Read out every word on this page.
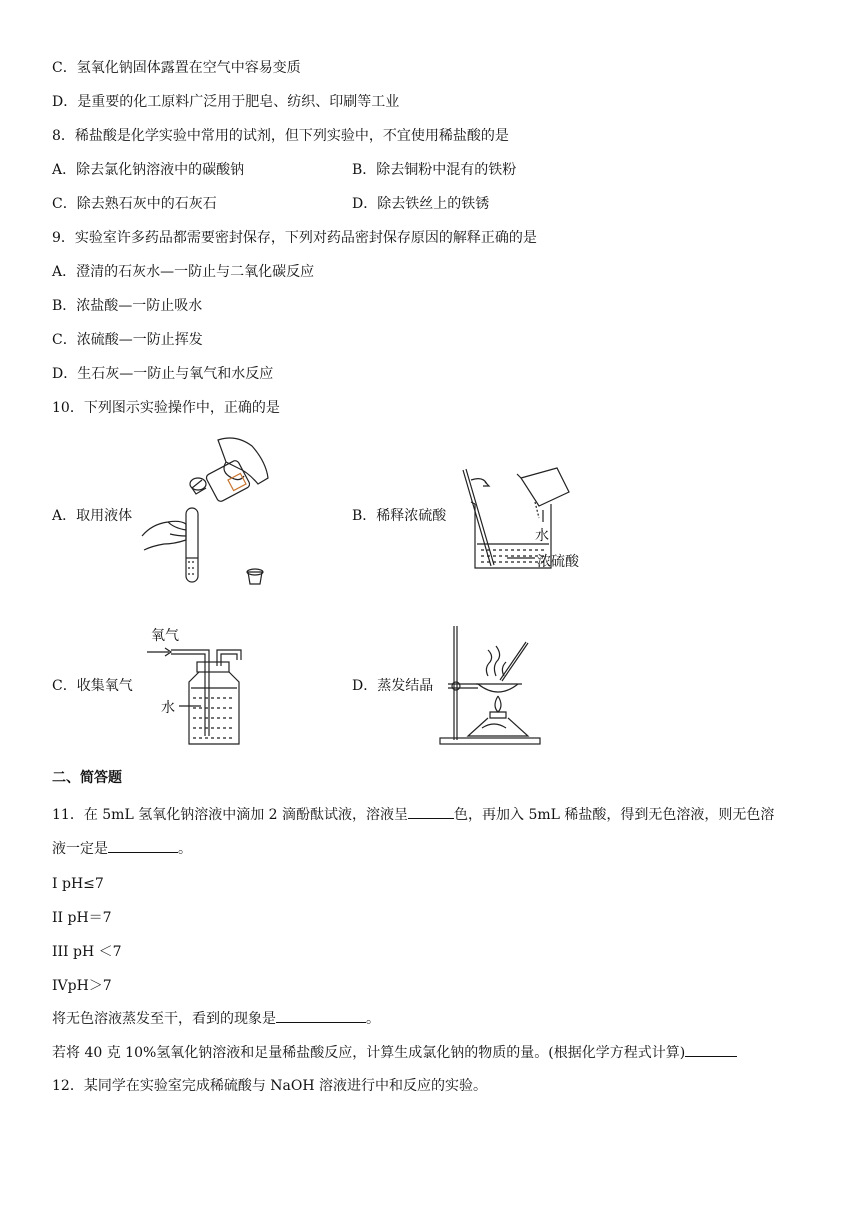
C．氢氧化钠固体露置在空气中容易变质
D．是重要的化工原料广泛用于肥皂、纺织、印刷等工业
8．稀盐酸是化学实验中常用的试剂，但下列实验中，不宜使用稀盐酸的是
A．除去氯化钠溶液中的碳酸钠	B．除去铜粉中混有的铁粉
C．除去熟石灰中的石灰石	D．除去铁丝上的铁锈
9．实验室许多药品都需要密封保存，下列对药品密封保存原因的解释正确的是
A．澄清的石灰水—一防止与二氧化碳反应
B．浓盐酸—一防止吸水
C．浓硫酸—一防止挥发
D．生石灰—一防止与氧气和水反应
10．下列图示实验操作中，正确的是
A．取用液体	B．稀释浓硫酸
C．收集氧气	D．蒸发结晶
水
浓硫酸
氧气
水
二、简答题
11．在 5mL 氢氧化钠溶液中滴加 2 滴酚酞试液，溶液呈	色，再加入 5mL 稀盐酸，得到无色溶液，则无色溶
液一定是	。
I pH≤7
II pH＝7
III pH ＜7
IVpH＞7
将无色溶液蒸发至干，看到的现象是	。
若将 40 克 10%氢氧化钠溶液和足量稀盐酸反应，计算生成氯化钠的物质的量。(根据化学方程式计算)
12．某同学在实验室完成稀硫酸与 NaOH 溶液进行中和反应的实验。
